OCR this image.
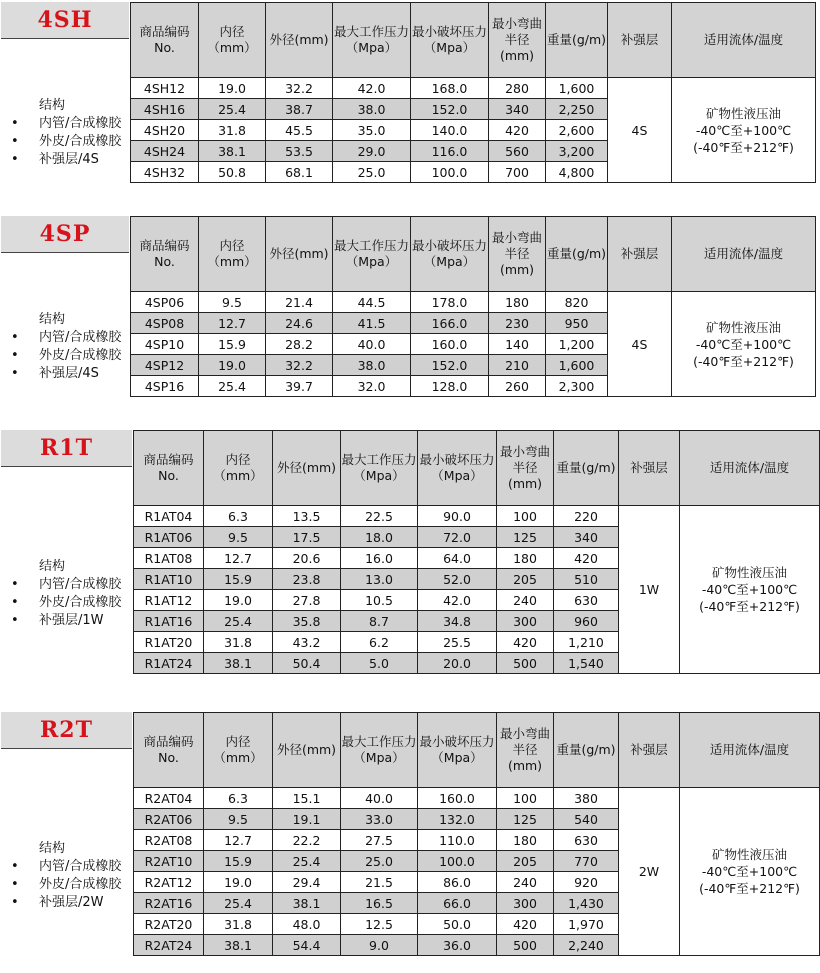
4SH
结构
• 内管/合成橡胶
• 外皮/合成橡胶
• 补强层/4S
商品编码No.	内径（mm）	外径(mm)	最大工作压力（Mpa）	最小破坏压力（Mpa）	最小弯曲半径(mm)	重量(g/m)	补强层	适用流体/温度
4SH12	19.0	32.2	42.0	168.0	280	1,600	4S	矿物性液压油
-40℃至+100℃
(-40℉至+212℉)

4SH16	25.4	38.7	38.0	152.0	340	2,250		
4SH20	31.8	45.5	35.0	140.0	420	2,600		
4SH24	38.1	53.5	29.0	116.0	560	3,200		
4SH32	50.8	68.1	25.0	100.0	700	4,800		
4SP
结构
• 内管/合成橡胶
• 外皮/合成橡胶
• 补强层/4S
商品编码No.	内径（mm）	外径(mm)	最大工作压力（Mpa）	最小破坏压力（Mpa）	最小弯曲半径(mm)	重量(g/m)	补强层	适用流体/温度
4SP06	9.5	21.4	44.5	178.0	180	820	4S	矿物性液压油
-40℃至+100℃
(-40℉至+212℉)

4SP08	12.7	24.6	41.5	166.0	230	950		
4SP10	15.9	28.2	40.0	160.0	140	1,200		
4SP12	19.0	32.2	38.0	152.0	210	1,600		
4SP16	25.4	39.7	32.0	128.0	260	2,300		
R1T
结构
• 内管/合成橡胶
• 外皮/合成橡胶
• 补强层/1W
商品编码No.	内径（mm）	外径(mm)	最大工作压力（Mpa）	最小破坏压力（Mpa）	最小弯曲半径(mm)	重量(g/m)	补强层	适用流体/温度
R1AT04	6.3	13.5	22.5	90.0	100	220	1W	矿物性液压油
-40℃至+100℃
(-40℉至+212℉)

R1AT06	9.5	17.5	18.0	72.0	125	340		
R1AT08	12.7	20.6	16.0	64.0	180	420		
R1AT10	15.9	23.8	13.0	52.0	205	510		
R1AT12	19.0	27.8	10.5	42.0	240	630		
R1AT16	25.4	35.8	8.7	34.8	300	960		
R1AT20	31.8	43.2	6.2	25.5	420	1,210		
R1AT24	38.1	50.4	5.0	20.0	500	1,540		
R2T
结构
• 内管/合成橡胶
• 外皮/合成橡胶
• 补强层/2W
商品编码No.	内径（mm）	外径(mm)	最大工作压力（Mpa）	最小破坏压力（Mpa）	最小弯曲半径(mm)	重量(g/m)	补强层	适用流体/温度
R2AT04	6.3	15.1	40.0	160.0	100	380	2W	矿物性液压油
-40℃至+100℃
(-40℉至+212℉)

R2AT06	9.5	19.1	33.0	132.0	125	540		
R2AT08	12.7	22.2	27.5	110.0	180	630		
R2AT10	15.9	25.4	25.0	100.0	205	770		
R2AT12	19.0	29.4	21.5	86.0	240	920		
R2AT16	25.4	38.1	16.5	66.0	300	1,430		
R2AT20	31.8	48.0	12.5	50.0	420	1,970		
R2AT24	38.1	54.4	9.0	36.0	500	2,240		
